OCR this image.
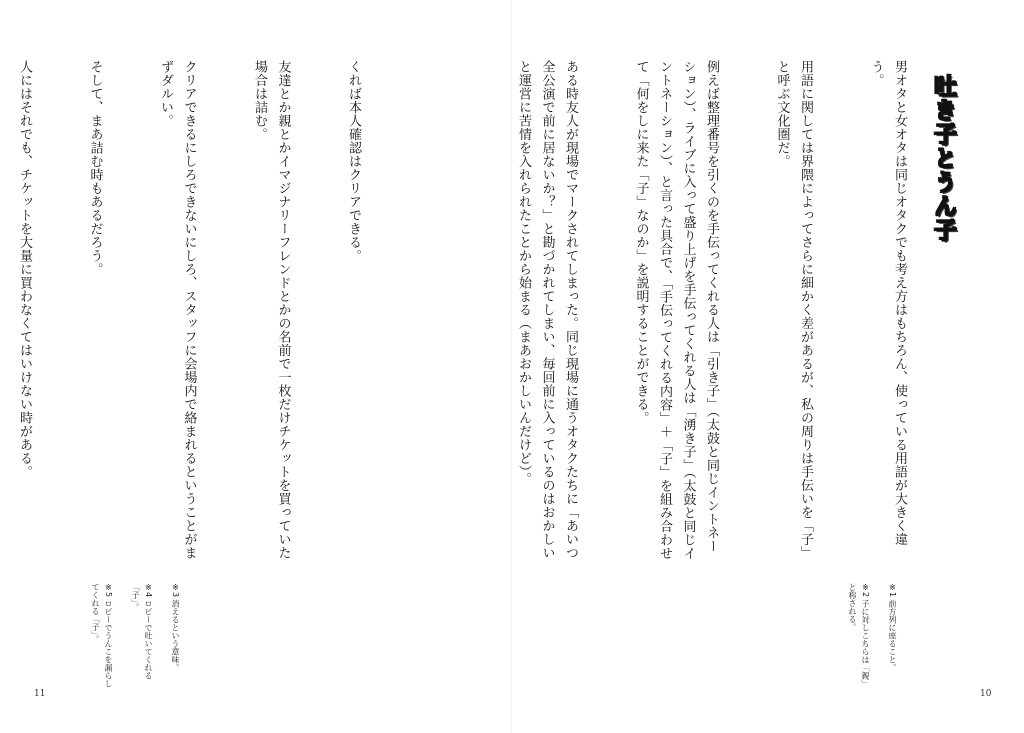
吐き子とうん子

男オタと女オタは同じオタクでも考え方はもちろん、使っている用語が大きく違う。

用語に関しては界隈によってさらに細かく差があるが、私の周りは手伝いを「子」と呼ぶ文化圏だ。

例えば整理番号を引くのを手伝ってくれる人は「引き子」（太鼓と同じイントネーション）、ライブに入って盛り上げを手伝ってくれる人は「湧き子」（太鼓と同じイントネーション）、と言った具合で、「手伝ってくれる内容」＋「子」を組み合わせて「何をしに来た「子」なのか」を説明することができる。

ある時友人が現場でマークされてしまった。同じ現場に通うオタクたちに「あいつ全公演で前に居ないか？」と勘づかれてしまい、毎回前に入っているのはおかしいと運営に苦情を入れられたことから始まる（まあおかしいんだけど）。

※1 前方列に座ること。
※2 子に対しこちらは「親」と称される。
10

くれば本人確認はクリアできる。

友達とか親とかイマジナリーフレンドとかの名前で一枚だけチケットを買っていた場合は詰む。

クリアできるにしろできないにしろ、スタッフに会場内で絡まれるということがまずダルい。

そして、まあ詰む時もあるだろう。

人にはそれでも、チケットを大量に買わなくてはいけない時がある。

※3 消えるという意味。
※4 ロビーで吐いてくれる「子」。
※5 ロビーでうんこを漏らしてくれる「子」。
11
